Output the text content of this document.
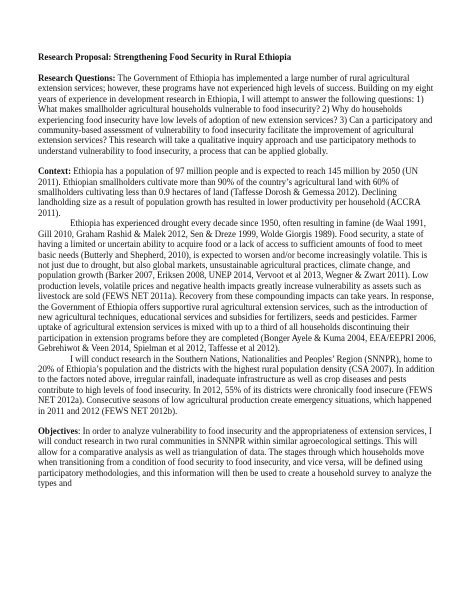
Research Proposal: Strengthening Food Security in Rural Ethiopia

Research Questions: The Government of Ethiopia has implemented a large number of rural agricultural extension services; however, these programs have not experienced high levels of success. Building on my eight years of experience in development research in Ethiopia, I will attempt to answer the following questions: 1) What makes smallholder agricultural households vulnerable to food insecurity? 2) Why do households experiencing food insecurity have low levels of adoption of new extension services? 3) Can a participatory and community-based assessment of vulnerability to food insecurity facilitate the improvement of agricultural extension services? This research will take a qualitative inquiry approach and use participatory methods to understand vulnerability to food insecurity, a process that can be applied globally.

Context: Ethiopia has a population of 97 million people and is expected to reach 145 million by 2050 (UN 2011). Ethiopian smallholders cultivate more than 90% of the country’s agricultural land with 60% of smallholders cultivating less than 0.9 hectares of land (Taffesse Dorosh & Gemessa 2012). Declining landholding size as a result of population growth has resulted in lower productivity per household (ACCRA 2011).

Ethiopia has experienced drought every decade since 1950, often resulting in famine (de Waal 1991, Gill 2010, Graham Rashid & Malek 2012, Sen & Dreze 1999, Wolde Giorgis 1989). Food security, a state of having a limited or uncertain ability to acquire food or a lack of access to sufficient amounts of food to meet basic needs (Butterly and Shepherd, 2010), is expected to worsen and/or become increasingly volatile. This is not just due to drought, but also global markets, unsustainable agricultural practices, climate change, and population growth (Barker 2007, Eriksen 2008, UNEP 2014, Vervoot et al 2013, Wegner & Zwart 2011). Low production levels, volatile prices and negative health impacts greatly increase vulnerability as assets such as livestock are sold (FEWS NET 2011a). Recovery from these compounding impacts can take years. In response, the Government of Ethiopia offers supportive rural agricultural extension services, such as the introduction of new agricultural techniques, educational services and subsidies for fertilizers, seeds and pesticides. Farmer uptake of agricultural extension services is mixed with up to a third of all households discontinuing their participation in extension programs before they are completed (Bonger Ayele & Kuma 2004, EEA/EEPRI 2006, Gebrehiwot & Veen 2014, Spielman et al 2012, Taffesse et al 2012).

I will conduct research in the Southern Nations, Nationalities and Peoples’ Region (SNNPR), home to 20% of Ethiopia’s population and the districts with the highest rural population density (CSA 2007). In addition to the factors noted above, irregular rainfall, inadequate infrastructure as well as crop diseases and pests contribute to high levels of food insecurity. In 2012, 55% of its districts were chronically food insecure (FEWS NET 2012a). Consecutive seasons of low agricultural production create emergency situations, which happened in 2011 and 2012 (FEWS NET 2012b).

Objectives: In order to analyze vulnerability to food insecurity and the appropriateness of extension services, I will conduct research in two rural communities in SNNPR within similar agroecological settings. This will allow for a comparative analysis as well as triangulation of data. The stages through which households move when transitioning from a condition of food security to food insecurity, and vice versa, will be defined using participatory methodologies, and this information will then be used to create a household survey to analyze the types and
